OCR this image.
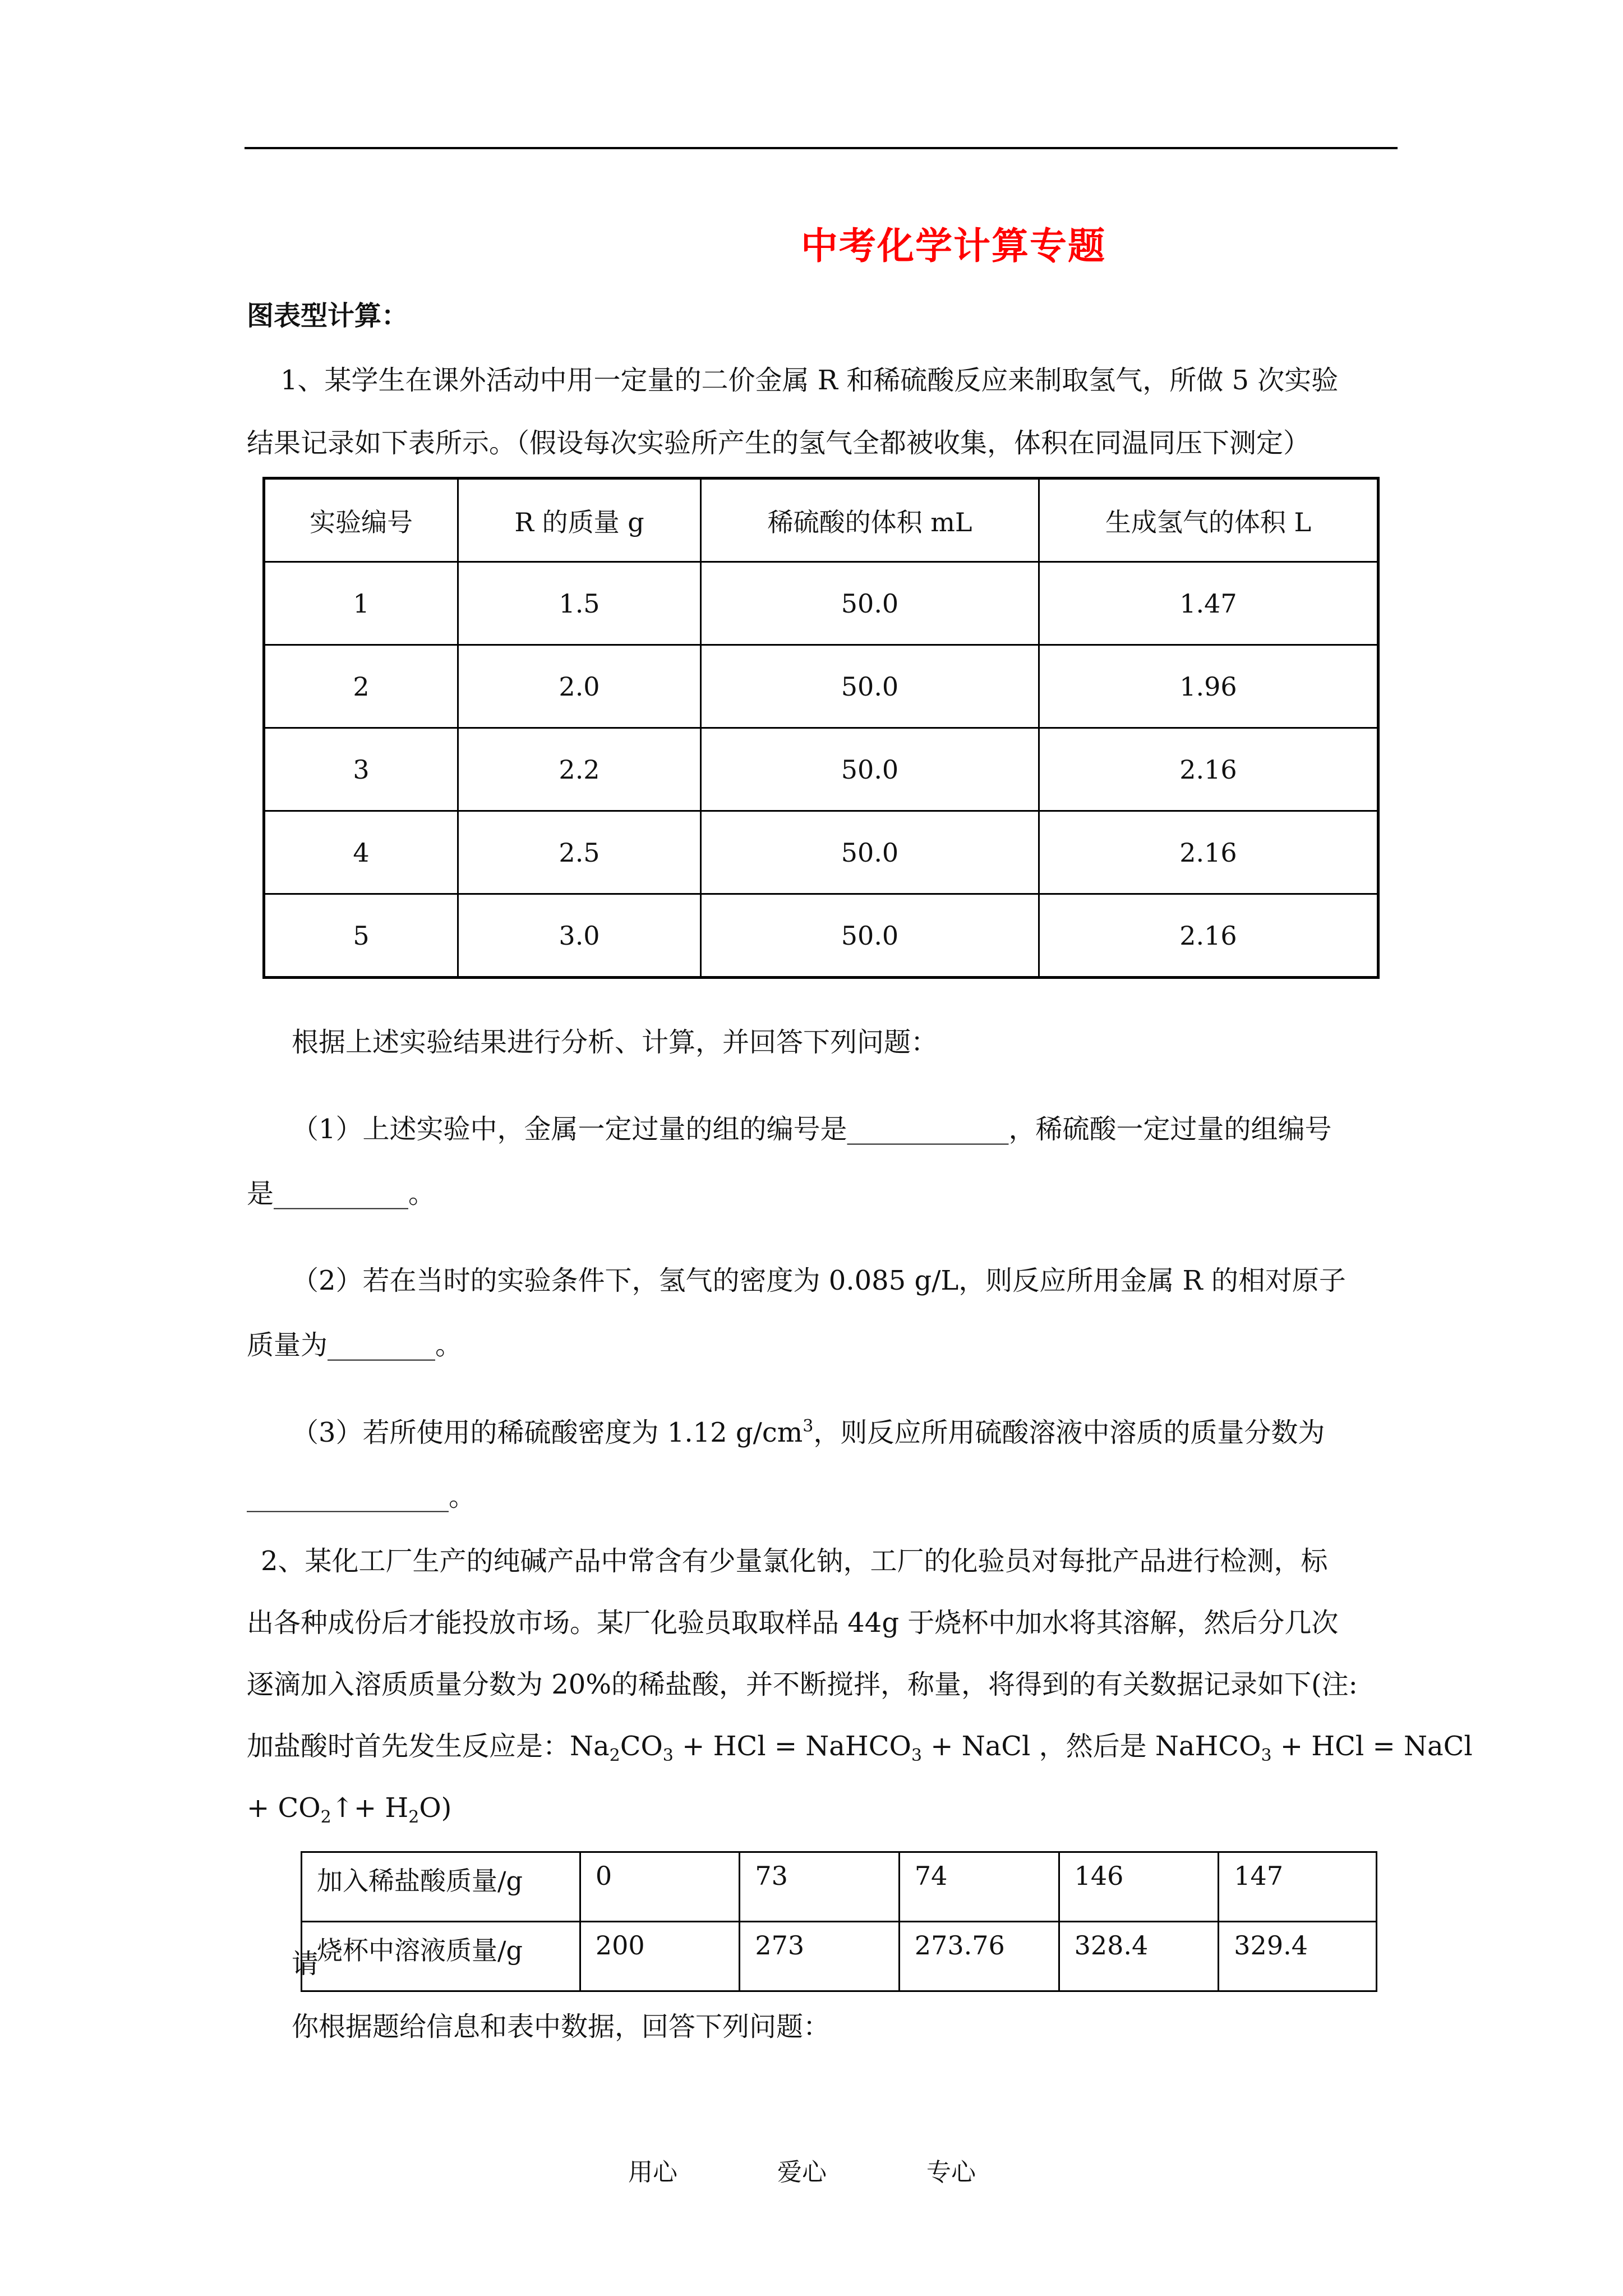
中考化学计算专题
图表型计算：
1、某学生在课外活动中用一定量的二价金属 R 和稀硫酸反应来制取氢气，所做 5 次实验
结果记录如下表所示。（假设每次实验所产生的氢气全都被收集，体积在同温同压下测定）
实验编号	R 的质量 g	稀硫酸的体积 mL	生成氢气的体积 L
1	1.5	50.0	1.47
2	2.0	50.0	1.96
3	2.2	50.0	2.16
4	2.5	50.0	2.16
5	3.0	50.0	2.16
根据上述实验结果进行分析、计算，并回答下列问题：
（1）上述实验中，金属一定过量的组的编号是____________，稀硫酸一定过量的组编号
是__________。
（2）若在当时的实验条件下，氢气的密度为 0.085 g/L，则反应所用金属 R 的相对原子
质量为________。
（3）若所使用的稀硫酸密度为 1.12 $g/cm^3$，则反应所用硫酸溶液中溶质的质量分数为
_______________。
2、某化工厂生产的纯碱产品中常含有少量氯化钠，工厂的化验员对每批产品进行检测，标
出各种成份后才能投放市场。某厂化验员取取样品 44g 于烧杯中加水将其溶解，然后分几次
逐滴加入溶质质量分数为 20%的稀盐酸，并不断搅拌，称量，将得到的有关数据记录如下(注:
加盐酸时首先发生反应是：$Na_2CO_3$ + HCl = NaHCO$_3$ + NaCl ，然后是 NaHCO$_3$ + HCl = NaCl
+ $CO_2↑+ H_2O$)
加入稀盐酸质量/g	0	73	74	146	147
烧杯中溶液质量/g	200	273	273.76	328.4	329.4
请
你根据题给信息和表中数据，回答下列问题：
用心	爱心	专心
